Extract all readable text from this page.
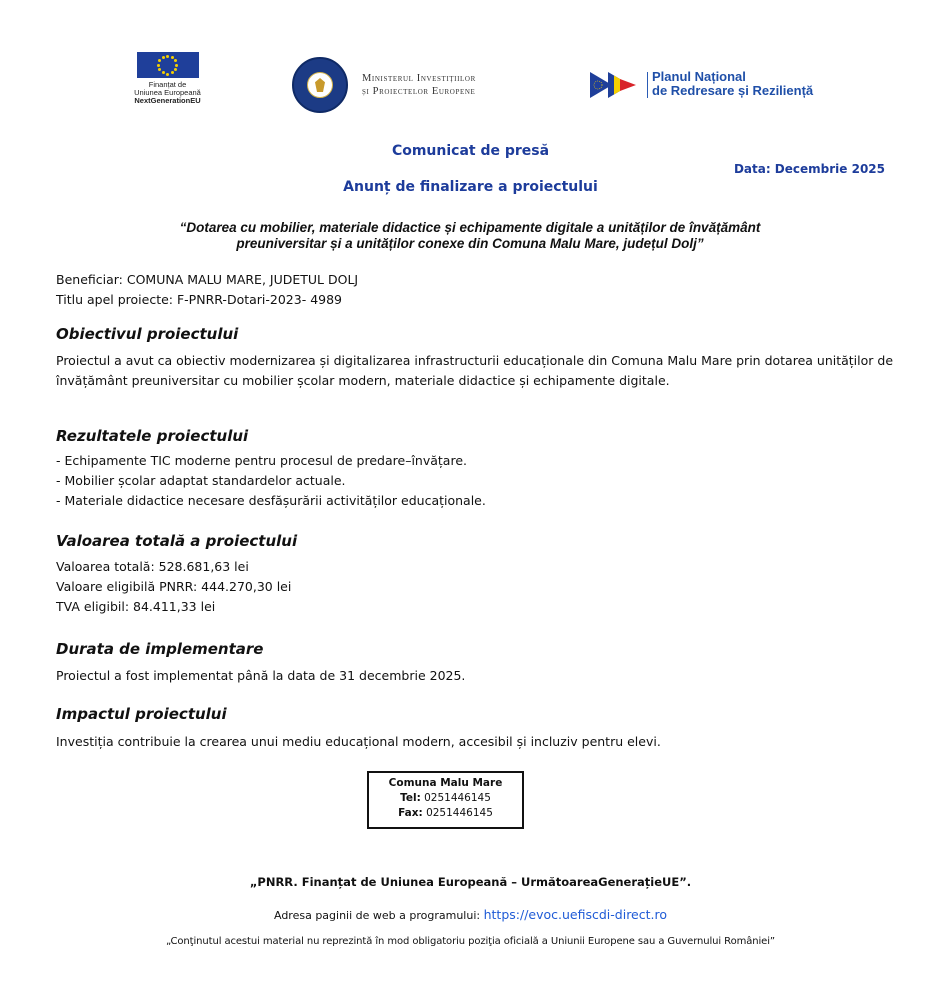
Finanțat de
Uniunea Europeană
NextGenerationEU
Ministerul Investițiilor
și Proiectelor Europene
Planul Național
de Redresare și Reziliență
Comunicat de presă
Data: Decembrie 2025
Anunț de finalizare a proiectului
“Dotarea cu mobilier, materiale didactice și echipamente digitale a unităților de învățământ
preuniversitar și a unităților conexe din Comuna Malu Mare, județul Dolj”
Beneficiar: COMUNA MALU MARE, JUDETUL DOLJ
Titlu apel proiecte: F-PNRR-Dotari-2023- 4989
Obiectivul proiectului
Proiectul a avut ca obiectiv modernizarea și digitalizarea infrastructurii educaționale din Comuna Malu Mare prin dotarea unităților de învățământ preuniversitar cu mobilier școlar modern, materiale didactice și echipamente digitale.
Rezultatele proiectului
- Echipamente TIC moderne pentru procesul de predare–învățare.
- Mobilier școlar adaptat standardelor actuale.
- Materiale didactice necesare desfășurării activităților educaționale.
Valoarea totală a proiectului
Valoarea totală: 528.681,63 lei
Valoare eligibilă PNRR: 444.270,30 lei
TVA eligibil: 84.411,33 lei
Durata de implementare
Proiectul a fost implementat până la data de 31 decembrie 2025.
Impactul proiectului
Investiția contribuie la crearea unui mediu educațional modern, accesibil și incluziv pentru elevi.
Comuna Malu Mare
Tel: 0251446145
Fax: 0251446145
„PNRR. Finanțat de Uniunea Europeană – UrmătoareaGenerațieUE”.
Adresa paginii de web a programului: https://evoc.uefiscdi-direct.ro
„Conţinutul acestui material nu reprezintă în mod obligatoriu poziţia oficială a Uniunii Europene sau a Guvernului României”
